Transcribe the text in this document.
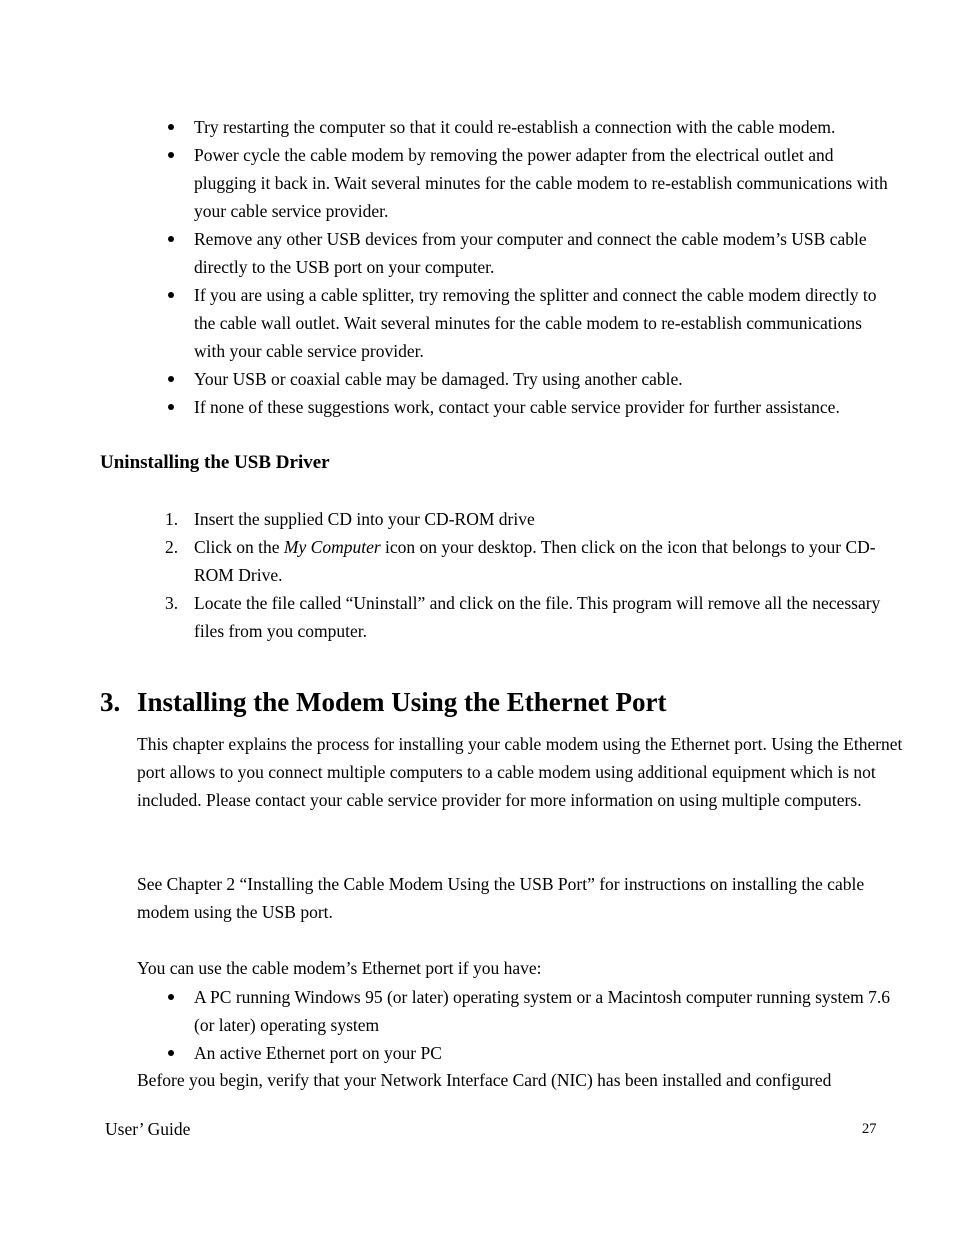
Try restarting the computer so that it could re-establish a connection with the cable modem.
Power cycle the cable modem by removing the power adapter from the electrical outlet and plugging it back in. Wait several minutes for the cable modem to re-establish communications with your cable service provider.
Remove any other USB devices from your computer and connect the cable modem’s USB cable directly to the USB port on your computer.
If you are using a cable splitter, try removing the splitter and connect the cable modem directly to the cable wall outlet. Wait several minutes for the cable modem to re-establish communications with your cable service provider.
Your USB or coaxial cable may be damaged. Try using another cable.
If none of these suggestions work, contact your cable service provider for further assistance.
Uninstalling the USB Driver
1. Insert the supplied CD into your CD-ROM drive
2. Click on the My Computer icon on your desktop. Then click on the icon that belongs to your CD-ROM Drive.
3. Locate the file called “Uninstall” and click on the file. This program will remove all the necessary files from you computer.
3. Installing the Modem Using the Ethernet Port

This chapter explains the process for installing your cable modem using the Ethernet port. Using the Ethernet port allows to you connect multiple computers to a cable modem using additional equipment which is not included. Please contact your cable service provider for more information on using multiple computers.

See Chapter 2 “Installing the Cable Modem Using the USB Port” for instructions on installing the cable modem using the USB port.

You can use the cable modem’s Ethernet port if you have:

A PC running Windows 95 (or later) operating system or a Macintosh computer running system 7.6 (or later) operating system
An active Ethernet port on your PC

Before you begin, verify that your Network Interface Card (NIC) has been installed and configured

User’ Guide	27
